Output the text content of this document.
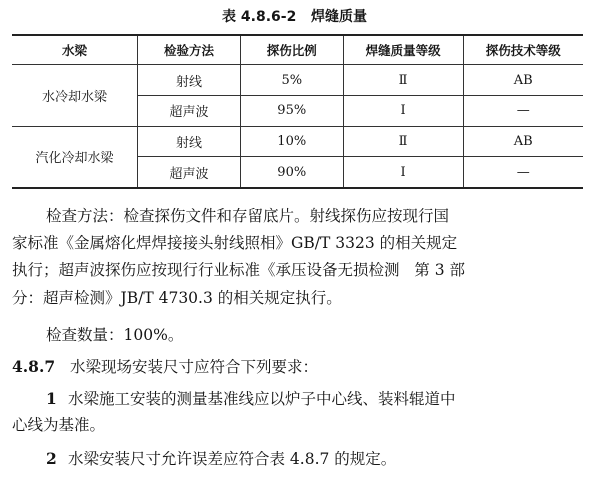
表 4.8.6-2   焊缝质量
水梁	检验方法	探伤比例	焊缝质量等级	探伤技术等级
水冷却水梁	射线	5%	Ⅱ	AB
	超声波	95%	Ⅰ	—
汽化冷却水梁	射线	10%	Ⅱ	AB
	超声波	90%	Ⅰ	—
检查方法：检查探伤文件和存留底片。射线探伤应按现行国
家标准《金属熔化焊焊接接头射线照相》GB/T 3323 的相关规定
执行；超声波探伤应按现行行业标准《承压设备无损检测   第 3 部
分：超声检测》JB/T 4730.3 的相关规定执行。
检查数量：100%。
4.8.7 水梁现场安装尺寸应符合下列要求：
1 水梁施工安装的测量基准线应以炉子中心线、装料辊道中
心线为基准。
2 水梁安装尺寸允许误差应符合表 4.8.7 的规定。
